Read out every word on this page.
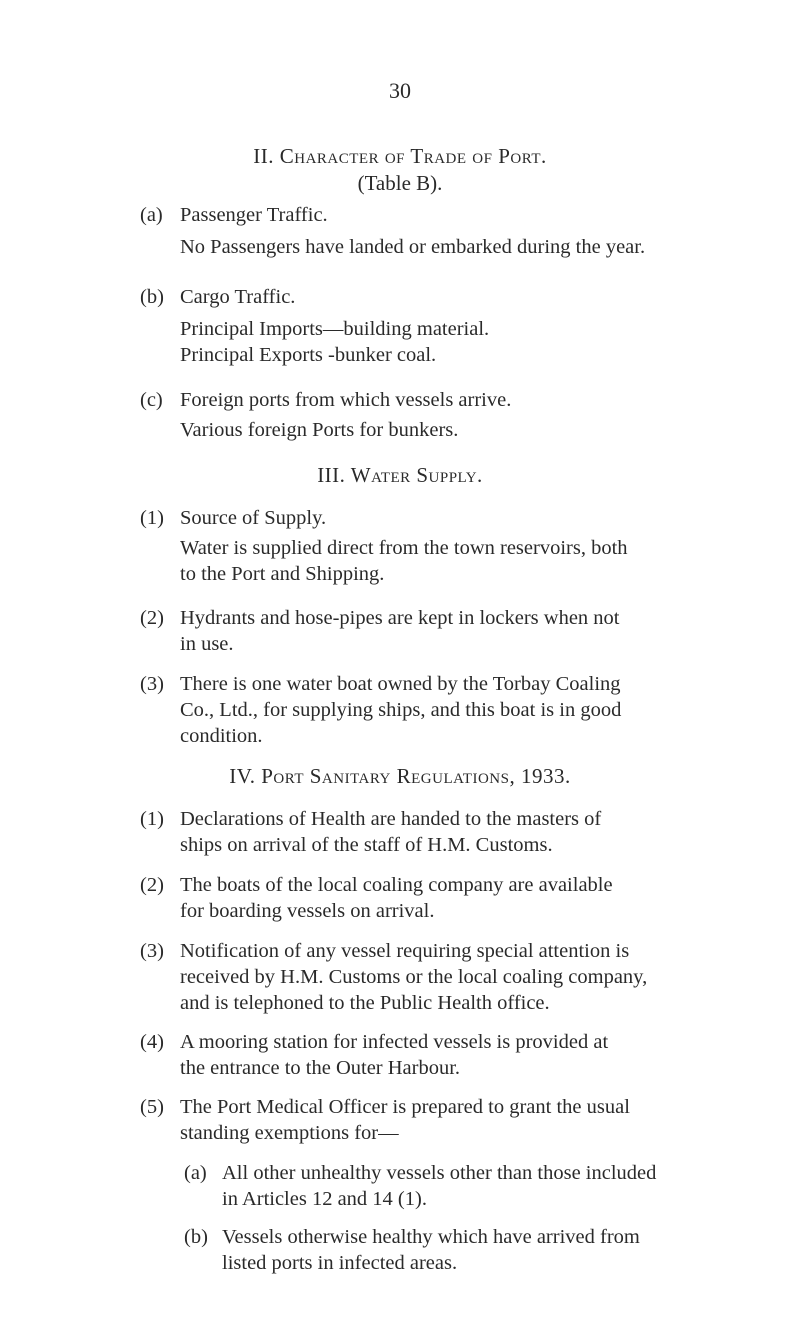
30
II. Character of Trade of Port.
(Table B).
(a) Passenger Traffic.
No Passengers have landed or embarked during the year.
(b) Cargo Traffic.
Principal Imports—building material.
Principal Exports -bunker coal.
(c) Foreign ports from which vessels arrive.
Various foreign Ports for bunkers.
III. Water Supply.
(1) Source of Supply.
Water is supplied direct from the town reservoirs, both
to the Port and Shipping.
(2) Hydrants and hose-pipes are kept in lockers when not
in use.
(3) There is one water boat owned by the Torbay Coaling
Co., Ltd., for supplying ships, and this boat is in good
condition.
IV. Port Sanitary Regulations, 1933.
(1) Declarations of Health are handed to the masters of
ships on arrival of the staff of H.M. Customs.
(2) The boats of the local coaling company are available
for boarding vessels on arrival.
(3) Notification of any vessel requiring special attention is
received by H.M. Customs or the local coaling company,
and is telephoned to the Public Health office.
(4) A mooring station for infected vessels is provided at
the entrance to the Outer Harbour.
(5) The Port Medical Officer is prepared to grant the usual
standing exemptions for—
(a) All other unhealthy vessels other than those included
in Articles 12 and 14 (1).
(b) Vessels otherwise healthy which have arrived from
listed ports in infected areas.
